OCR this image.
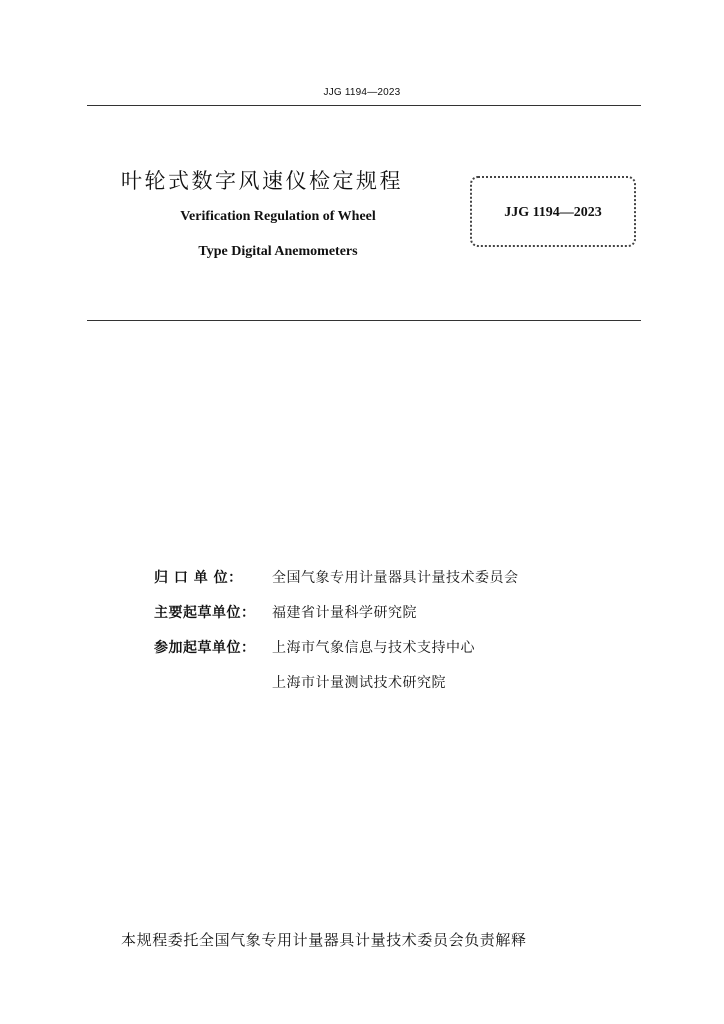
JJG 1194—2023
叶轮式数字风速仪检定规程
Verification Regulation of Wheel
Type Digital Anemometers
JJG 1194—2023
归 口 单 位：	全国气象专用计量器具计量技术委员会
主要起草单位：	福建省计量科学研究院
参加起草单位：	上海市气象信息与技术支持中心
上海市计量测试技术研究院
本规程委托全国气象专用计量器具计量技术委员会负责解释
